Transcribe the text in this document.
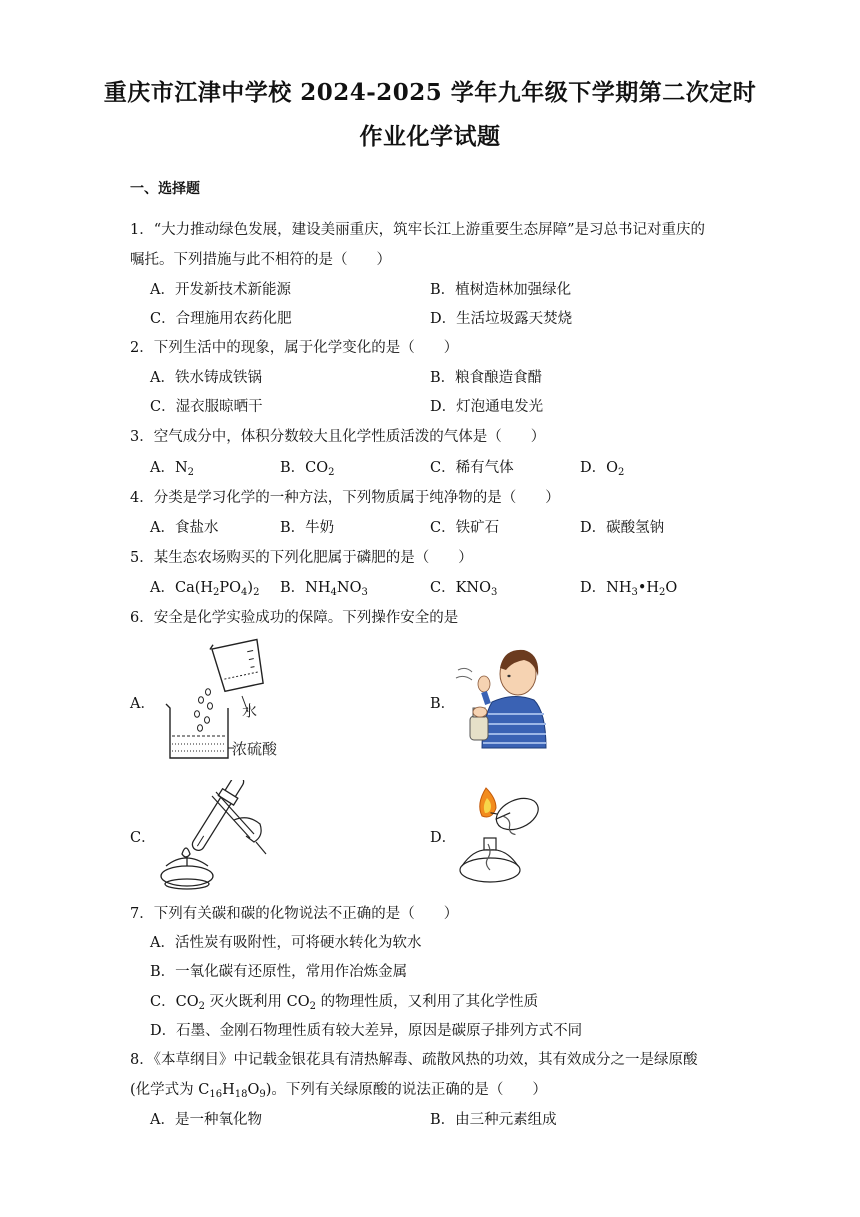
重庆市江津中学校 2024-2025 学年九年级下学期第二次定时
作业化学试题
一、选择题
1．“大力推动绿色发展，建设美丽重庆，筑牢长江上游重要生态屏障”是习总书记对重庆的
嘱托。下列措施与此不相符的是（　　）
A．开发新技术新能源	B．植树造林加强绿化
C．合理施用农药化肥	D．生活垃圾露天焚烧
2．下列生活中的现象，属于化学变化的是（　　）
A．铁水铸成铁锅	B．粮食酿造食醋
C．湿衣服晾晒干	D．灯泡通电发光
3．空气成分中，体积分数较大且化学性质活泼的气体是（　　）
A．$N_2$	B．$CO_2$	C．稀有气体	D．$O_2$
4．分类是学习化学的一种方法，下列物质属于纯净物的是（　　）
A．食盐水	B．牛奶	C．铁矿石	D．碳酸氢钠
5．某生态农场购买的下列化肥属于磷肥的是（　　）
A．$Ca(H_2PO_4)_2$ B．$NH_4NO_3$	C．$KNO_3$	D．$NH_3•H_2O$
6．安全是化学实验成功的保障。下列操作安全的是
A．	水
浓硫酸
B．
C．	D．
7．下列有关碳和碳的化物说法不正确的是（　　）
A．活性炭有吸附性，可将硬水转化为软水
B．一氧化碳有还原性，常用作冶炼金属
C．$CO_2$ 灭火既利用 $CO_2$ 的物理性质，又利用了其化学性质
D．石墨、金刚石物理性质有较大差异，原因是碳原子排列方式不同
8．《本草纲目》中记载金银花具有清热解毒、疏散风热的功效，其有效成分之一是绿原酸
(化学式为 $C_{16}H_{18}O_9$)。下列有关绿原酸的说法正确的是（　　）
A．是一种氧化物	B．由三种元素组成
